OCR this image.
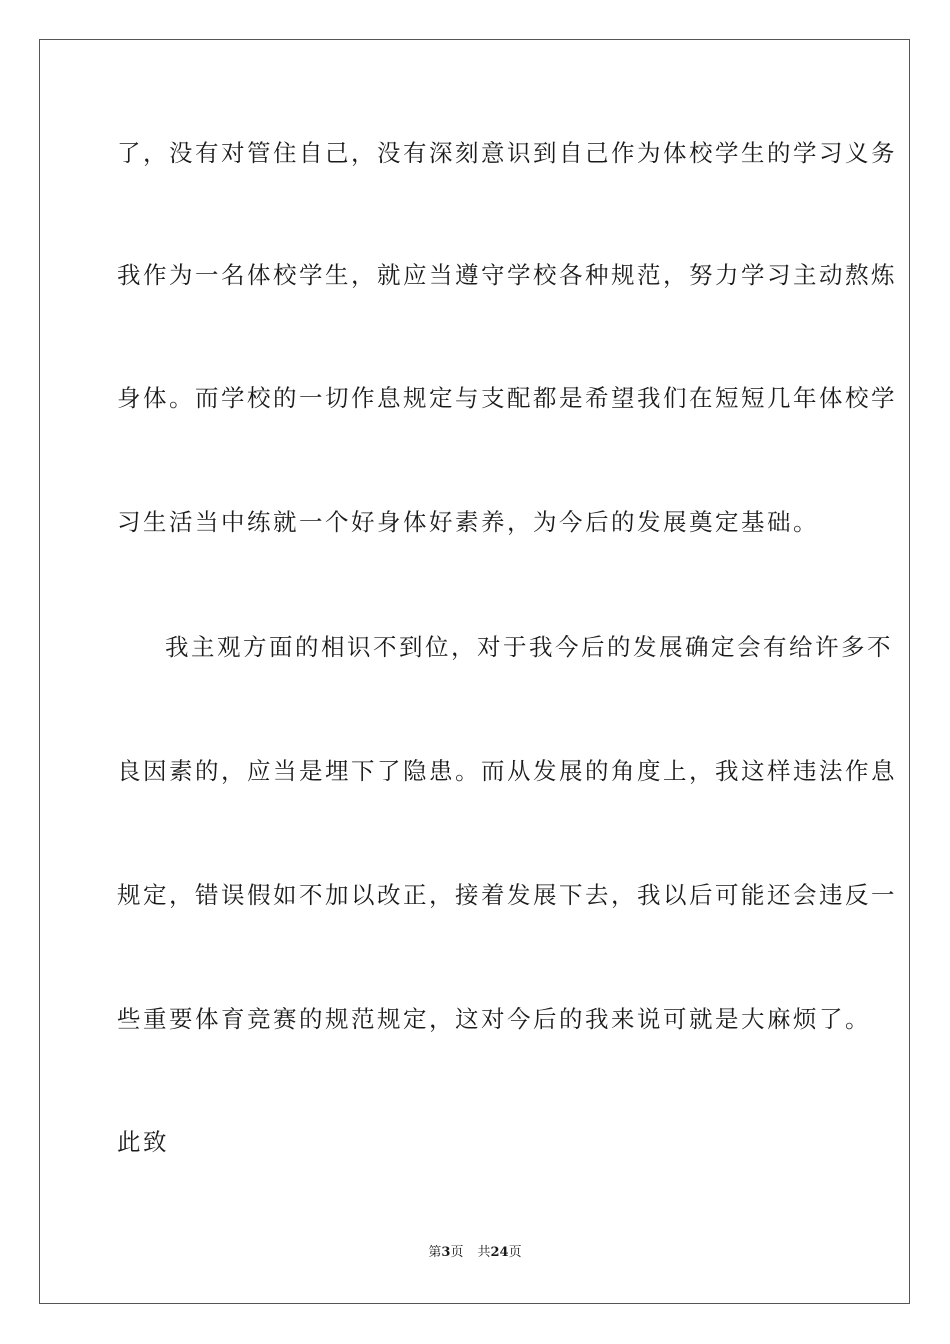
了，没有对管住自己，没有深刻意识到自己作为体校学生的学习义务
我作为一名体校学生，就应当遵守学校各种规范，努力学习主动熬炼
身体。而学校的一切作息规定与支配都是希望我们在短短几年体校学
习生活当中练就一个好身体好素养，为今后的发展奠定基础。
我主观方面的相识不到位，对于我今后的发展确定会有给许多不
良因素的，应当是埋下了隐患。而从发展的角度上，我这样违法作息
规定，错误假如不加以改正，接着发展下去，我以后可能还会违反一
些重要体育竞赛的规范规定，这对今后的我来说可就是大麻烦了。
此致
第3页 共24页
